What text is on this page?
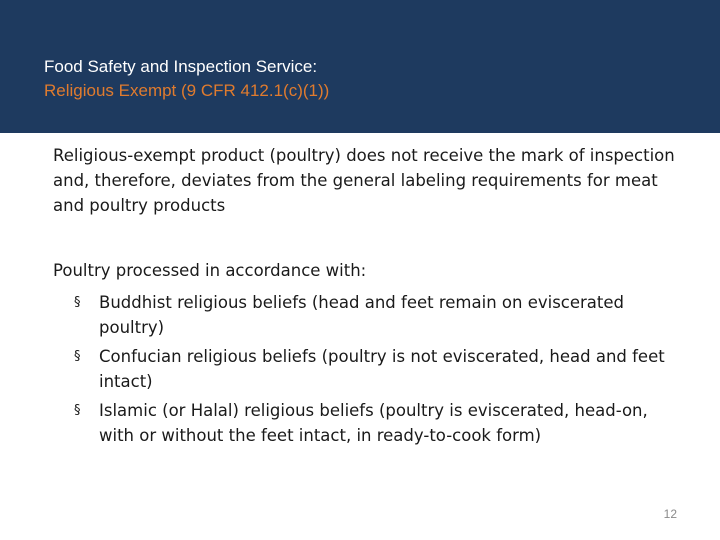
Food Safety and Inspection Service:
Religious Exempt (9 CFR 412.1(c)(1))

Religious-exempt product (poultry) does not receive the mark of inspection and, therefore, deviates from the general labeling requirements for meat and poultry products

Poultry processed in accordance with:

§ Buddhist religious beliefs (head and feet remain on eviscerated poultry)
§ Confucian religious beliefs (poultry is not eviscerated, head and feet intact)
§ Islamic (or Halal) religious beliefs (poultry is eviscerated, head-on, with or without the feet intact, in ready-to-cook form)
12
